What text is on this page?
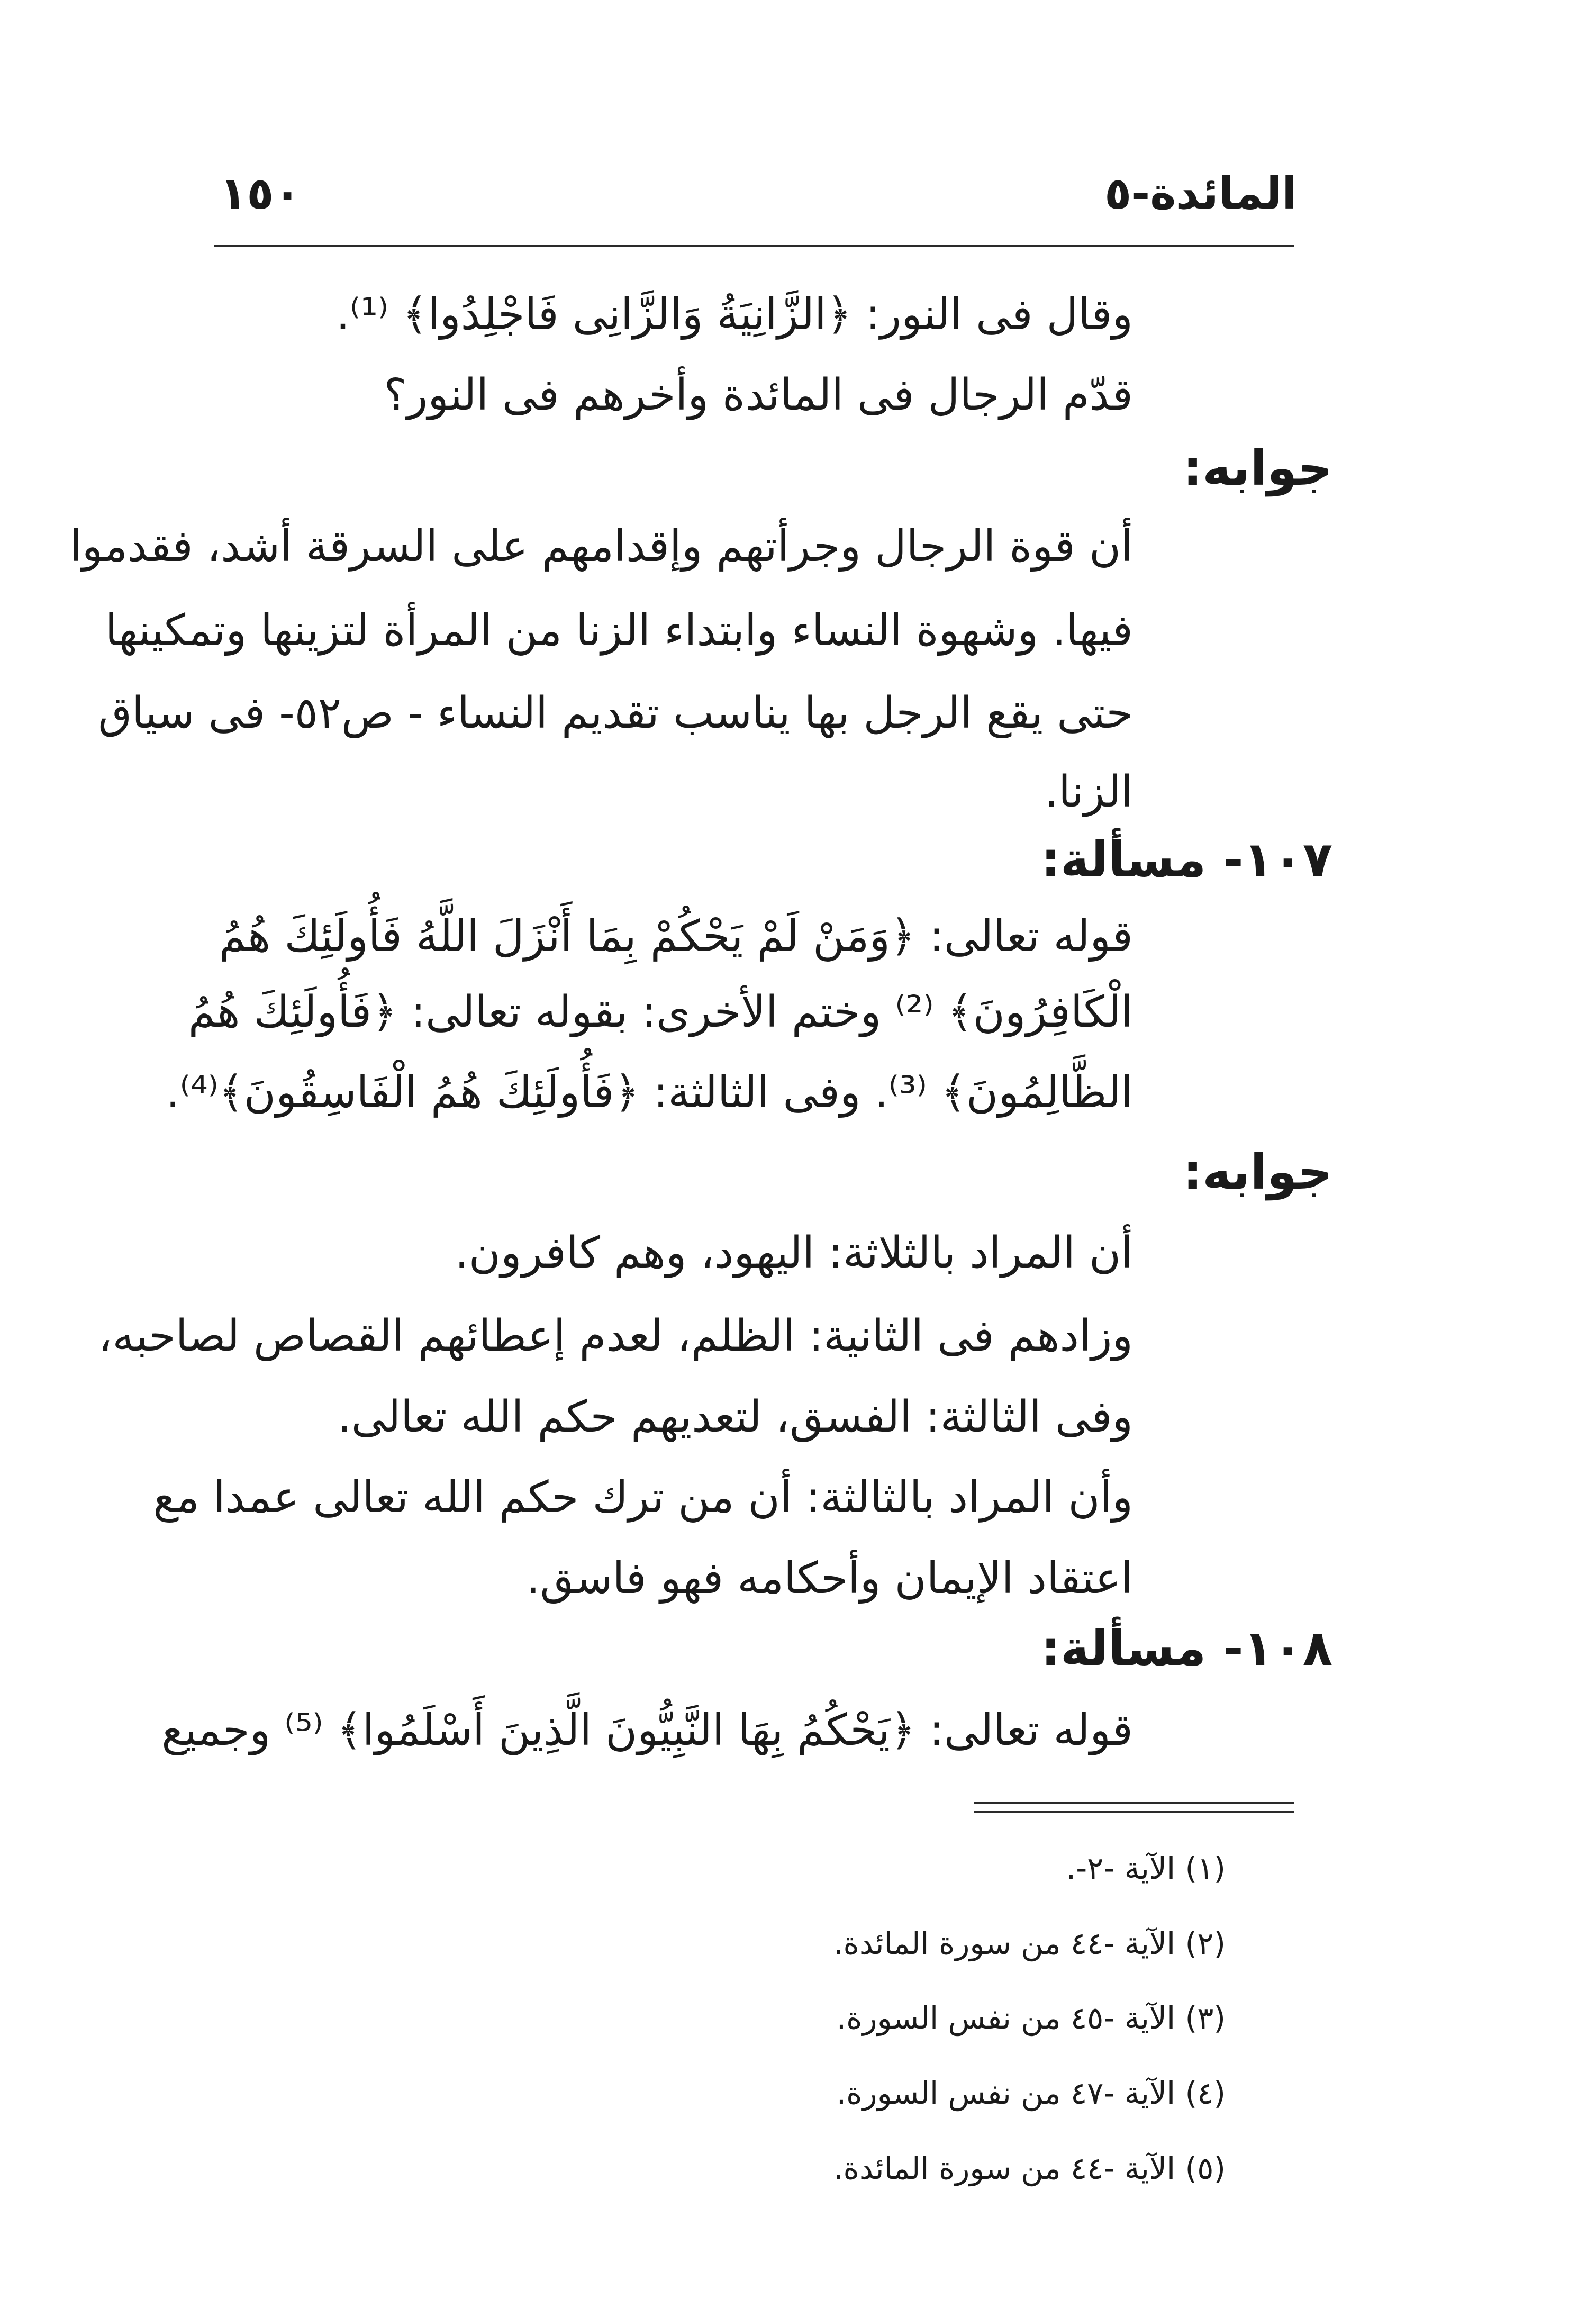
١٥٠	المائدة-٥
وقال فى النور: ﴿الزَّانِيَةُ وَالزَّانِى فَاجْلِدُوا﴾ ⁽¹⁾.
قدّم الرجال فى المائدة وأخرهم فى النور؟
جوابه:
أن قوة الرجال وجرأتهم وإقدامهم على السرقة أشد، فقدموا
فيها. وشهوة النساء وابتداء الزنا من المرأة لتزينها وتمكينها
حتى يقع الرجل بها يناسب تقديم النساء - ص٥٢- فى سياق
الزنا.
١٠٧- مسألة:
قوله تعالى: ﴿وَمَنْ لَمْ يَحْكُمْ بِمَا أَنْزَلَ اللَّهُ فَأُولَئِكَ هُمُ
الْكَافِرُونَ﴾ ⁽²⁾ وختم الأخرى: بقوله تعالى: ﴿فَأُولَئِكَ هُمُ
الظَّالِمُونَ﴾ ⁽³⁾. وفى الثالثة: ﴿فَأُولَئِكَ هُمُ الْفَاسِقُونَ﴾⁽⁴⁾.
جوابه:
أن المراد بالثلاثة: اليهود، وهم كافرون.
وزادهم فى الثانية: الظلم، لعدم إعطائهم القصاص لصاحبه،
وفى الثالثة: الفسق، لتعديهم حكم الله تعالى.
وأن المراد بالثالثة: أن من ترك حكم الله تعالى عمدا مع
اعتقاد الإيمان وأحكامه فهو فاسق.
١٠٨- مسألة:
قوله تعالى: ﴿يَحْكُمُ بِهَا النَّبِيُّونَ الَّذِينَ أَسْلَمُوا﴾ ⁽⁵⁾ وجميع
(١) الآية -٢-.
(٢) الآية -٤٤ من سورة المائدة.
(٣) الآية -٤٥ من نفس السورة.
(٤) الآية -٤٧ من نفس السورة.
(٥) الآية -٤٤ من سورة المائدة.
